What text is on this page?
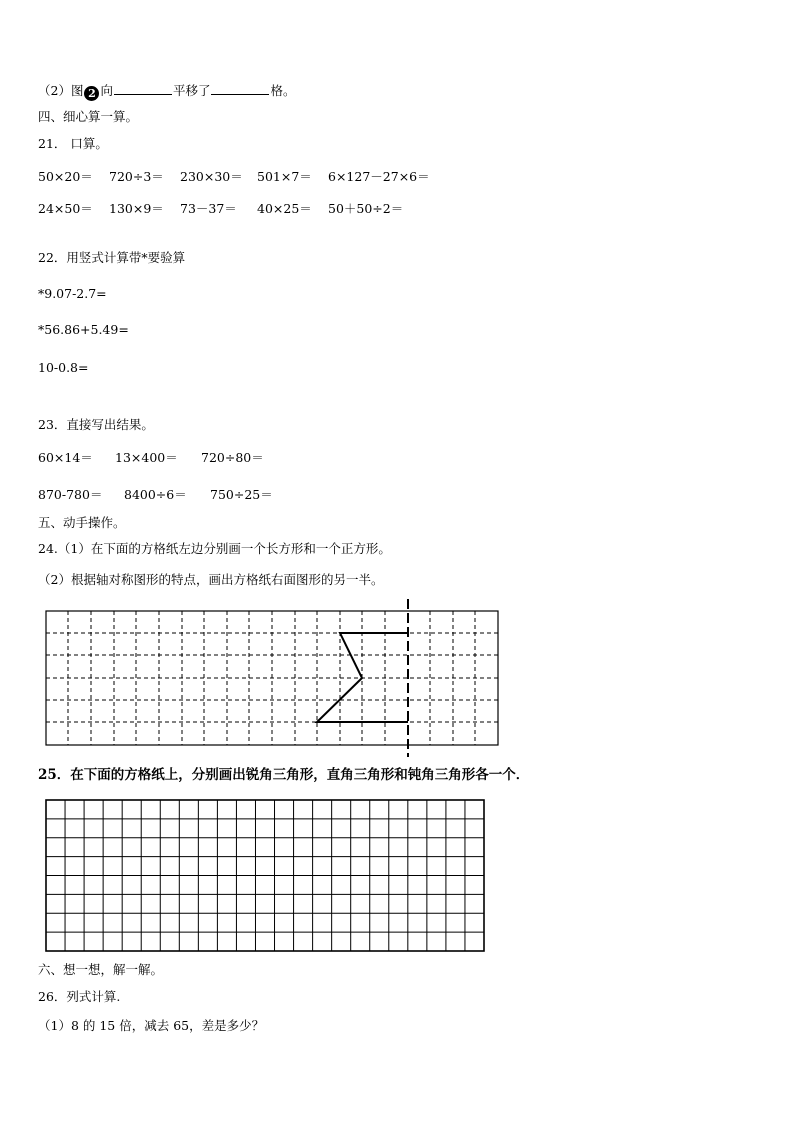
（2）图 2 向	平移了	格。
四、细心算一算。
21． 口算。
50×20＝ 720÷3＝ 230×30＝ 501×7＝ 6×127－27×6＝
24×50＝ 130×9＝ 73－37＝ 40×25＝ 50＋50÷2＝
22．用竖式计算带*要验算
*9.07-2.7=
*56.86+5.49=
10-0.8=
23．直接写出结果。
60×14＝ 13×400＝ 720÷80＝
870-780＝ 8400÷6＝ 750÷25＝
五、动手操作。
24.（1）在下面的方格纸左边分别画一个长方形和一个正方形。
（2）根据轴对称图形的特点，画出方格纸右面图形的另一半。
25．在下面的方格纸上，分别画出锐角三角形，直角三角形和钝角三角形各一个．
六、想一想，解一解。
26．列式计算.
（1）8 的 15 倍，减去 65，差是多少？
